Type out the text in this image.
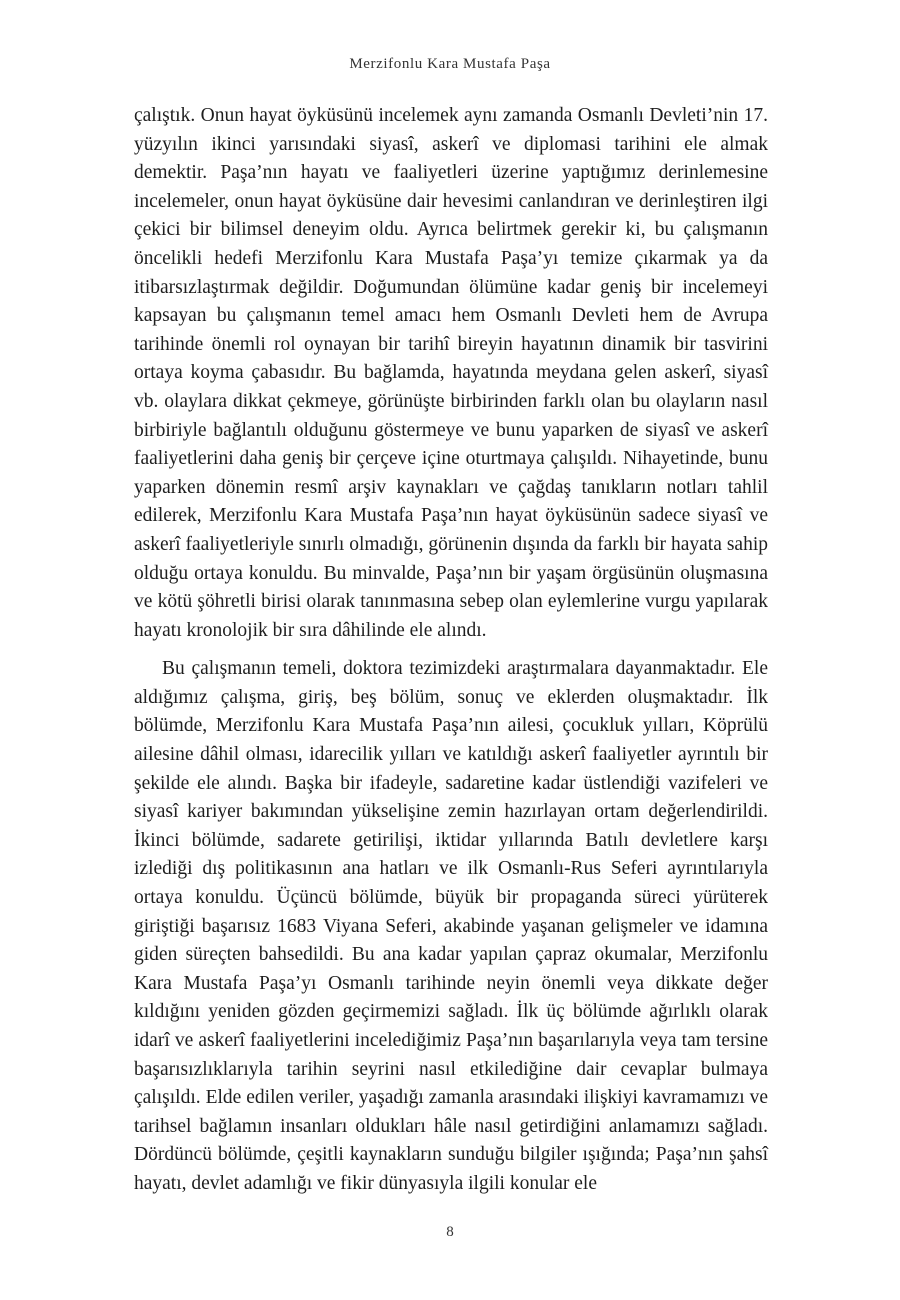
Merzifonlu Kara Mustafa Paşa

çalıştık. Onun hayat öyküsünü incelemek aynı zamanda Osmanlı Devleti’nin 17. yüzyılın ikinci yarısındaki siyasî, askerî ve diplomasi tarihini ele almak demektir. Paşa’nın hayatı ve faaliyetleri üzerine yaptığımız derinlemesine incelemeler, onun hayat öyküsüne dair hevesimi canlandıran ve derinleştiren ilgi çekici bir bilimsel deneyim oldu. Ayrıca belirtmek gerekir ki, bu çalışmanın öncelikli hedefi Merzifonlu Kara Mustafa Paşa’yı temize çıkarmak ya da itibarsızlaştırmak değildir. Doğumundan ölümüne kadar geniş bir incelemeyi kapsayan bu çalışmanın temel amacı hem Osmanlı Devleti hem de Avrupa tarihinde önemli rol oynayan bir tarihî bireyin hayatının dinamik bir tasvirini ortaya koyma çabasıdır. Bu bağlamda, hayatında meydana gelen askerî, siyasî vb. olaylara dikkat çekmeye, görünüşte birbirinden farklı olan bu olayların nasıl birbiriyle bağlantılı olduğunu göstermeye ve bunu yaparken de siyasî ve askerî faaliyetlerini daha geniş bir çerçeve içine oturtmaya çalışıldı. Nihayetinde, bunu yaparken dönemin resmî arşiv kaynakları ve çağdaş tanıkların notları tahlil edilerek, Merzifonlu Kara Mustafa Paşa’nın hayat öyküsünün sadece siyasî ve askerî faaliyetleriyle sınırlı olmadığı, görünenin dışında da farklı bir hayata sahip olduğu ortaya konuldu. Bu minvalde, Paşa’nın bir yaşam örgüsünün oluşmasına ve kötü şöhretli birisi olarak tanınmasına sebep olan eylemlerine vurgu yapılarak hayatı kronolojik bir sıra dâhilinde ele alındı.

Bu çalışmanın temeli, doktora tezimizdeki araştırmalara dayanmaktadır. Ele aldığımız çalışma, giriş, beş bölüm, sonuç ve eklerden oluşmaktadır. İlk bölümde, Merzifonlu Kara Mustafa Paşa’nın ailesi, çocukluk yılları, Köprülü ailesine dâhil olması, idarecilik yılları ve katıldığı askerî faaliyetler ayrıntılı bir şekilde ele alındı. Başka bir ifadeyle, sadaretine kadar üstlendiği vazifeleri ve siyasî kariyer bakımından yükselişine zemin hazırlayan ortam değerlendirildi. İkinci bölümde, sadarete getirilişi, iktidar yıllarında Batılı devletlere karşı izlediği dış politikasının ana hatları ve ilk Osmanlı-Rus Seferi ayrıntılarıyla ortaya konuldu. Üçüncü bölümde, büyük bir propaganda süreci yürüterek giriştiği başarısız 1683 Viyana Seferi, akabinde yaşanan gelişmeler ve idamına giden süreçten bahsedildi. Bu ana kadar yapılan çapraz okumalar, Merzifonlu Kara Mustafa Paşa’yı Osmanlı tarihinde neyin önemli veya dikkate değer kıldığını yeniden gözden geçirmemizi sağladı. İlk üç bölümde ağırlıklı olarak idarî ve askerî faaliyetlerini incelediğimiz Paşa’nın başarılarıyla veya tam tersine başarısızlıklarıyla tarihin seyrini nasıl etkilediğine dair cevaplar bulmaya çalışıldı. Elde edilen veriler, yaşadığı zamanla arasındaki ilişkiyi kavramamızı ve tarihsel bağlamın insanları oldukları hâle nasıl getirdiğini anlamamızı sağladı. Dördüncü bölümde, çeşitli kaynakların sunduğu bilgiler ışığında; Paşa’nın şahsî hayatı, devlet adamlığı ve fikir dünyasıyla ilgili konular ele

8
